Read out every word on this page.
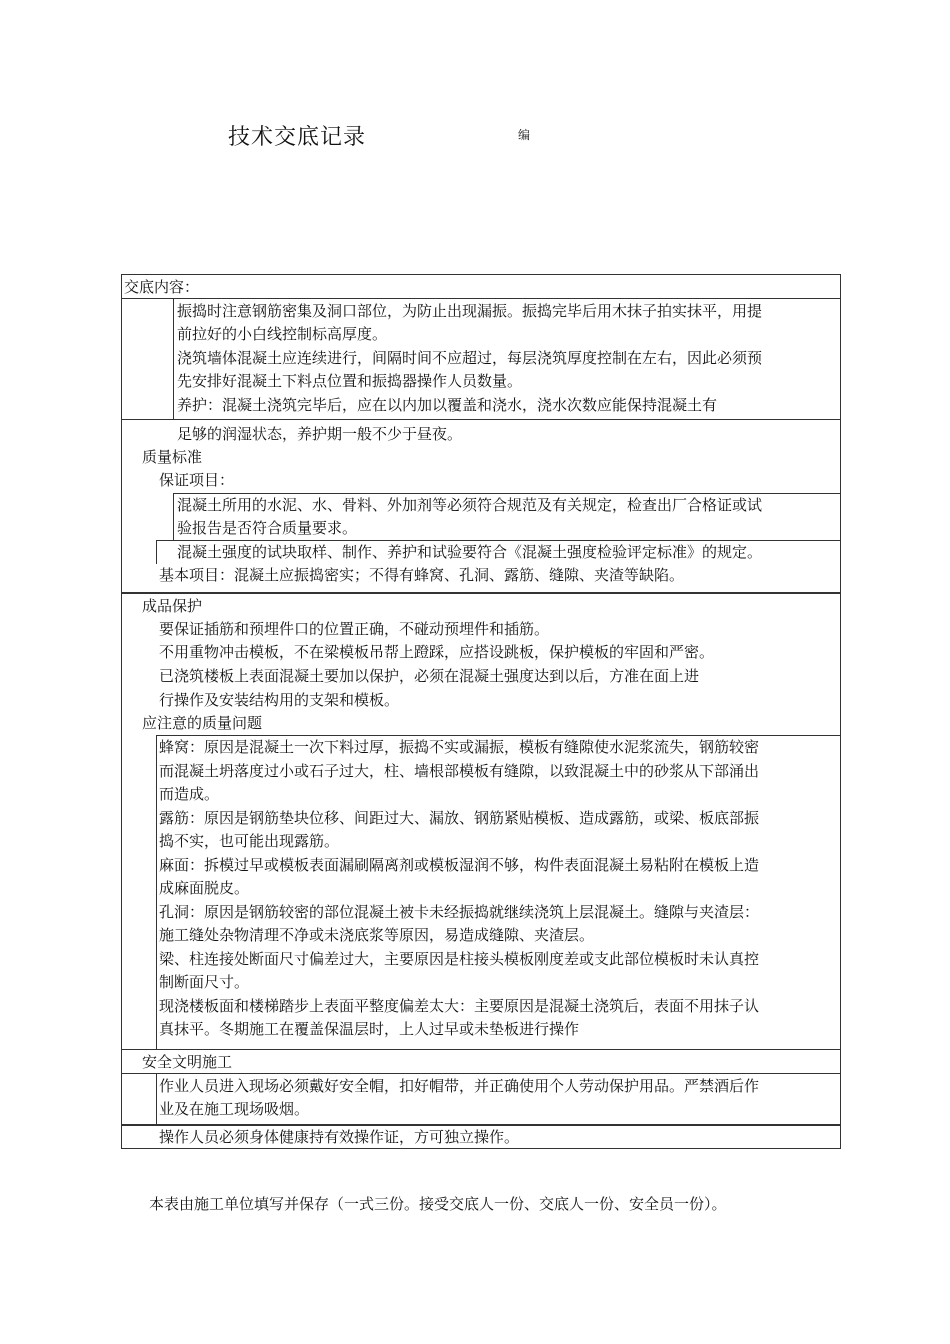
技术交底记录	编
交底内容：
振捣时注意钢筋密集及洞口部位，为防止出现漏振。振捣完毕后用木抹子拍实抹平，用提
前拉好的小白线控制标高厚度。
浇筑墙体混凝土应连续进行，间隔时间不应超过，每层浇筑厚度控制在左右，因此必须预
先安排好混凝土下料点位置和振捣器操作人员数量。
养护：混凝土浇筑完毕后，应在以内加以覆盖和浇水，浇水次数应能保持混凝土有
足够的润湿状态，养护期一般不少于昼夜。
质量标准
保证项目：
混凝土所用的水泥、水、骨料、外加剂等必须符合规范及有关规定，检查出厂合格证或试
验报告是否符合质量要求。
混凝土强度的试块取样、制作、养护和试验要符合《混凝土强度检验评定标准》的规定。
基本项目：混凝土应振捣密实；不得有蜂窝、孔洞、露筋、缝隙、夹渣等缺陷。
成品保护
要保证插筋和预埋件口的位置正确，不碰动预埋件和插筋。
不用重物冲击模板，不在梁模板吊帮上蹬踩，应搭设跳板，保护模板的牢固和严密。
已浇筑楼板上表面混凝土要加以保护，必须在混凝土强度达到以后，方准在面上进
行操作及安装结构用的支架和模板。
应注意的质量问题
蜂窝：原因是混凝土一次下料过厚，振捣不实或漏振，模板有缝隙使水泥浆流失，钢筋较密
而混凝土坍落度过小或石子过大，柱、墙根部模板有缝隙，以致混凝土中的砂浆从下部涌出
而造成。
露筋：原因是钢筋垫块位移、间距过大、漏放、钢筋紧贴模板、造成露筋，或梁、板底部振
捣不实，也可能出现露筋。
麻面：拆模过早或模板表面漏刷隔离剂或模板湿润不够，构件表面混凝土易粘附在模板上造
成麻面脱皮。
孔洞：原因是钢筋较密的部位混凝土被卡未经振捣就继续浇筑上层混凝土。缝隙与夹渣层：
施工缝处杂物清理不净或未浇底浆等原因，易造成缝隙、夹渣层。
梁、柱连接处断面尺寸偏差过大，主要原因是柱接头模板刚度差或支此部位模板时未认真控
制断面尺寸。
现浇楼板面和楼梯踏步上表面平整度偏差太大：主要原因是混凝土浇筑后，表面不用抹子认
真抹平。冬期施工在覆盖保温层时，上人过早或未垫板进行操作
安全文明施工
作业人员进入现场必须戴好安全帽，扣好帽带，并正确使用个人劳动保护用品。严禁酒后作
业及在施工现场吸烟。
操作人员必须身体健康持有效操作证，方可独立操作。
本表由施工单位填写并保存（一式三份。接受交底人一份、交底人一份、安全员一份）。
